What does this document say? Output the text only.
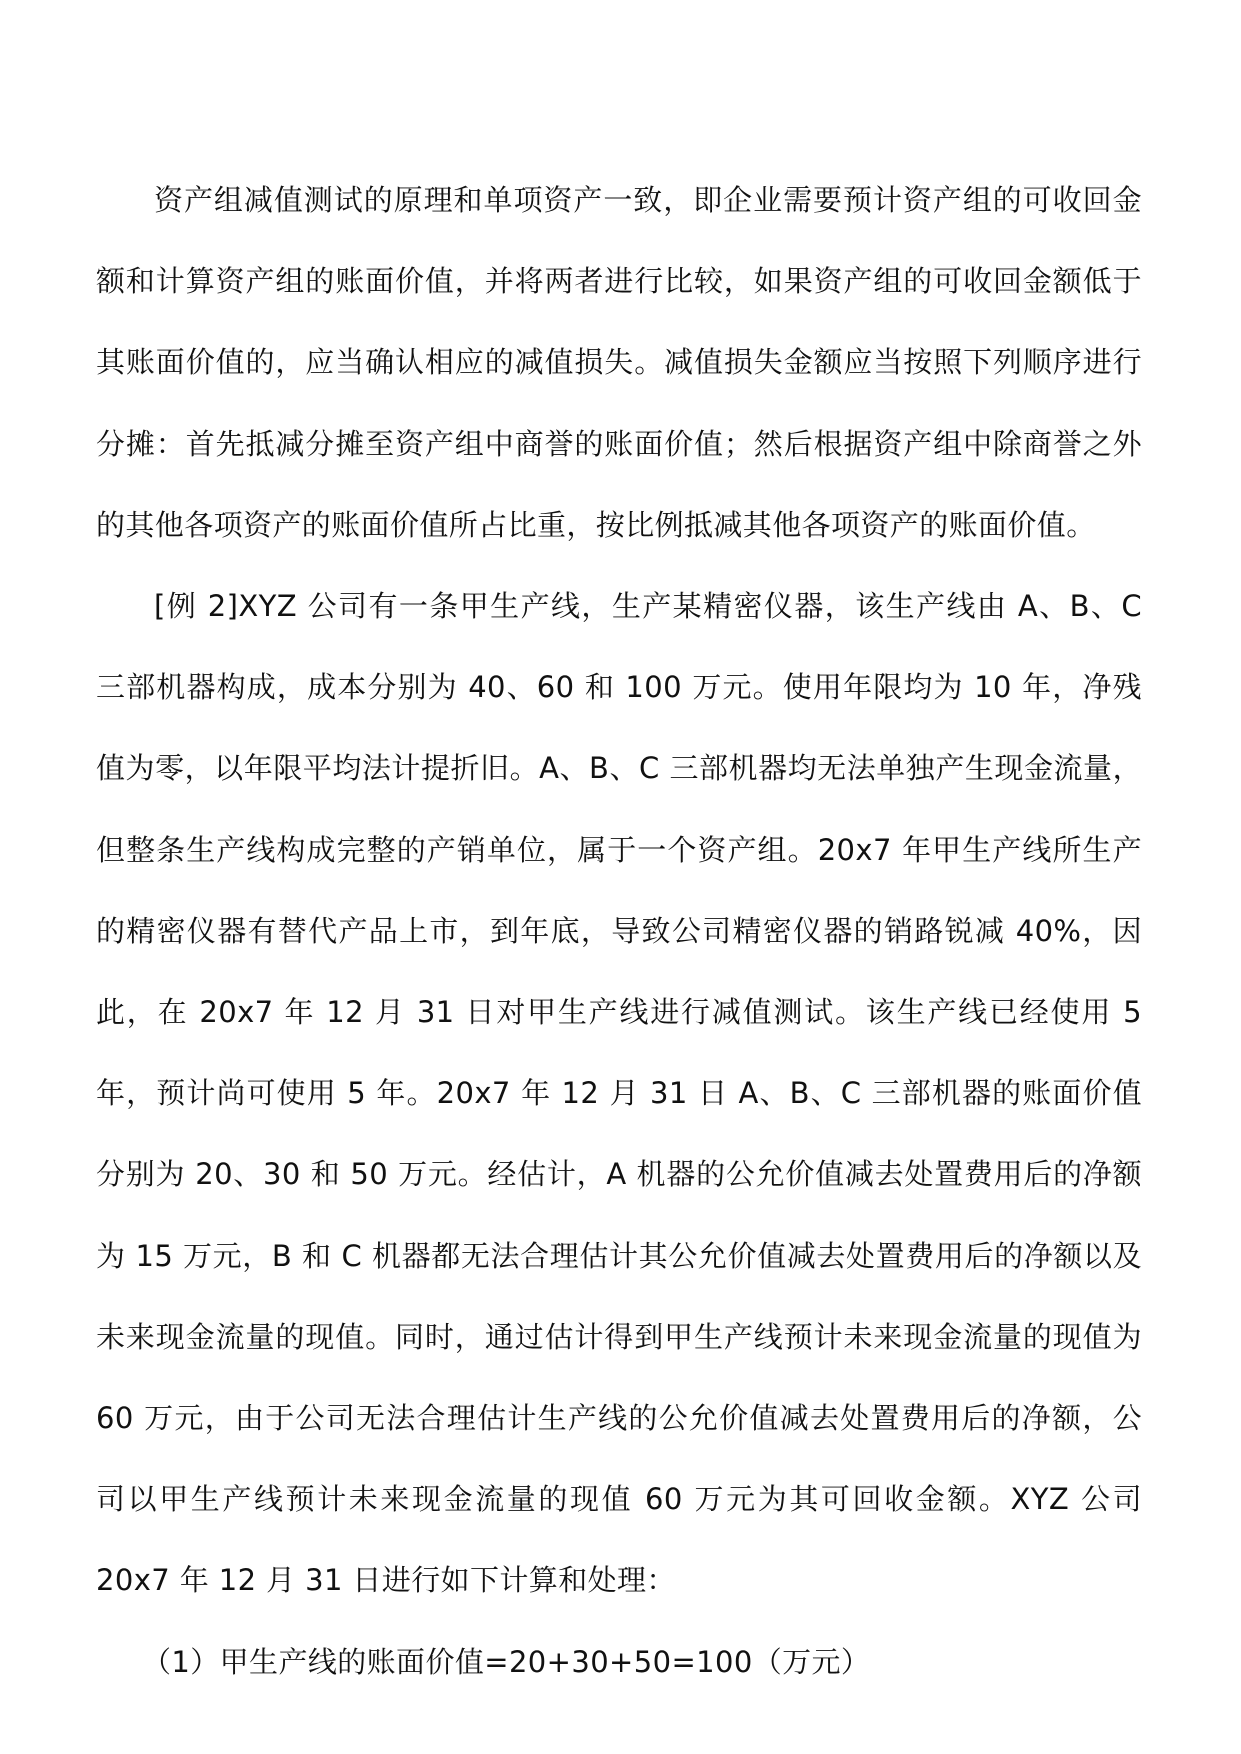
资产组减值测试的原理和单项资产一致，即企业需要预计资产组的可收回金额和计算资产组的账面价值，并将两者进行比较，如果资产组的可收回金额低于其账面价值的，应当确认相应的减值损失。减值损失金额应当按照下列顺序进行分摊：首先抵减分摊至资产组中商誉的账面价值；然后根据资产组中除商誉之外的其他各项资产的账面价值所占比重，按比例抵减其他各项资产的账面价值。

[例 2]XYZ 公司有一条甲生产线，生产某精密仪器，该生产线由 A、B、C 三部机器构成，成本分别为 40、60 和 100 万元。使用年限均为 10 年，净残值为零，以年限平均法计提折旧。A、B、C 三部机器均无法单独产生现金流量，但整条生产线构成完整的产销单位，属于一个资产组。20x7 年甲生产线所生产的精密仪器有替代产品上市，到年底，导致公司精密仪器的销路锐减 40%，因此，在 20x7 年 12 月 31 日对甲生产线进行减值测试。该生产线已经使用 5 年，预计尚可使用 5 年。20x7 年 12 月 31 日 A、B、C 三部机器的账面价值分别为 20、30 和 50 万元。经估计，A 机器的公允价值减去处置费用后的净额为 15 万元，B 和 C 机器都无法合理估计其公允价值减去处置费用后的净额以及未来现金流量的现值。同时，通过估计得到甲生产线预计未来现金流量的现值为 60 万元，由于公司无法合理估计生产线的公允价值减去处置费用后的净额，公司以甲生产线预计未来现金流量的现值 60 万元为其可回收金额。XYZ 公司 20x7 年 12 月 31 日进行如下计算和处理：

（1）甲生产线的账面价值=20+30+50=100（万元）
